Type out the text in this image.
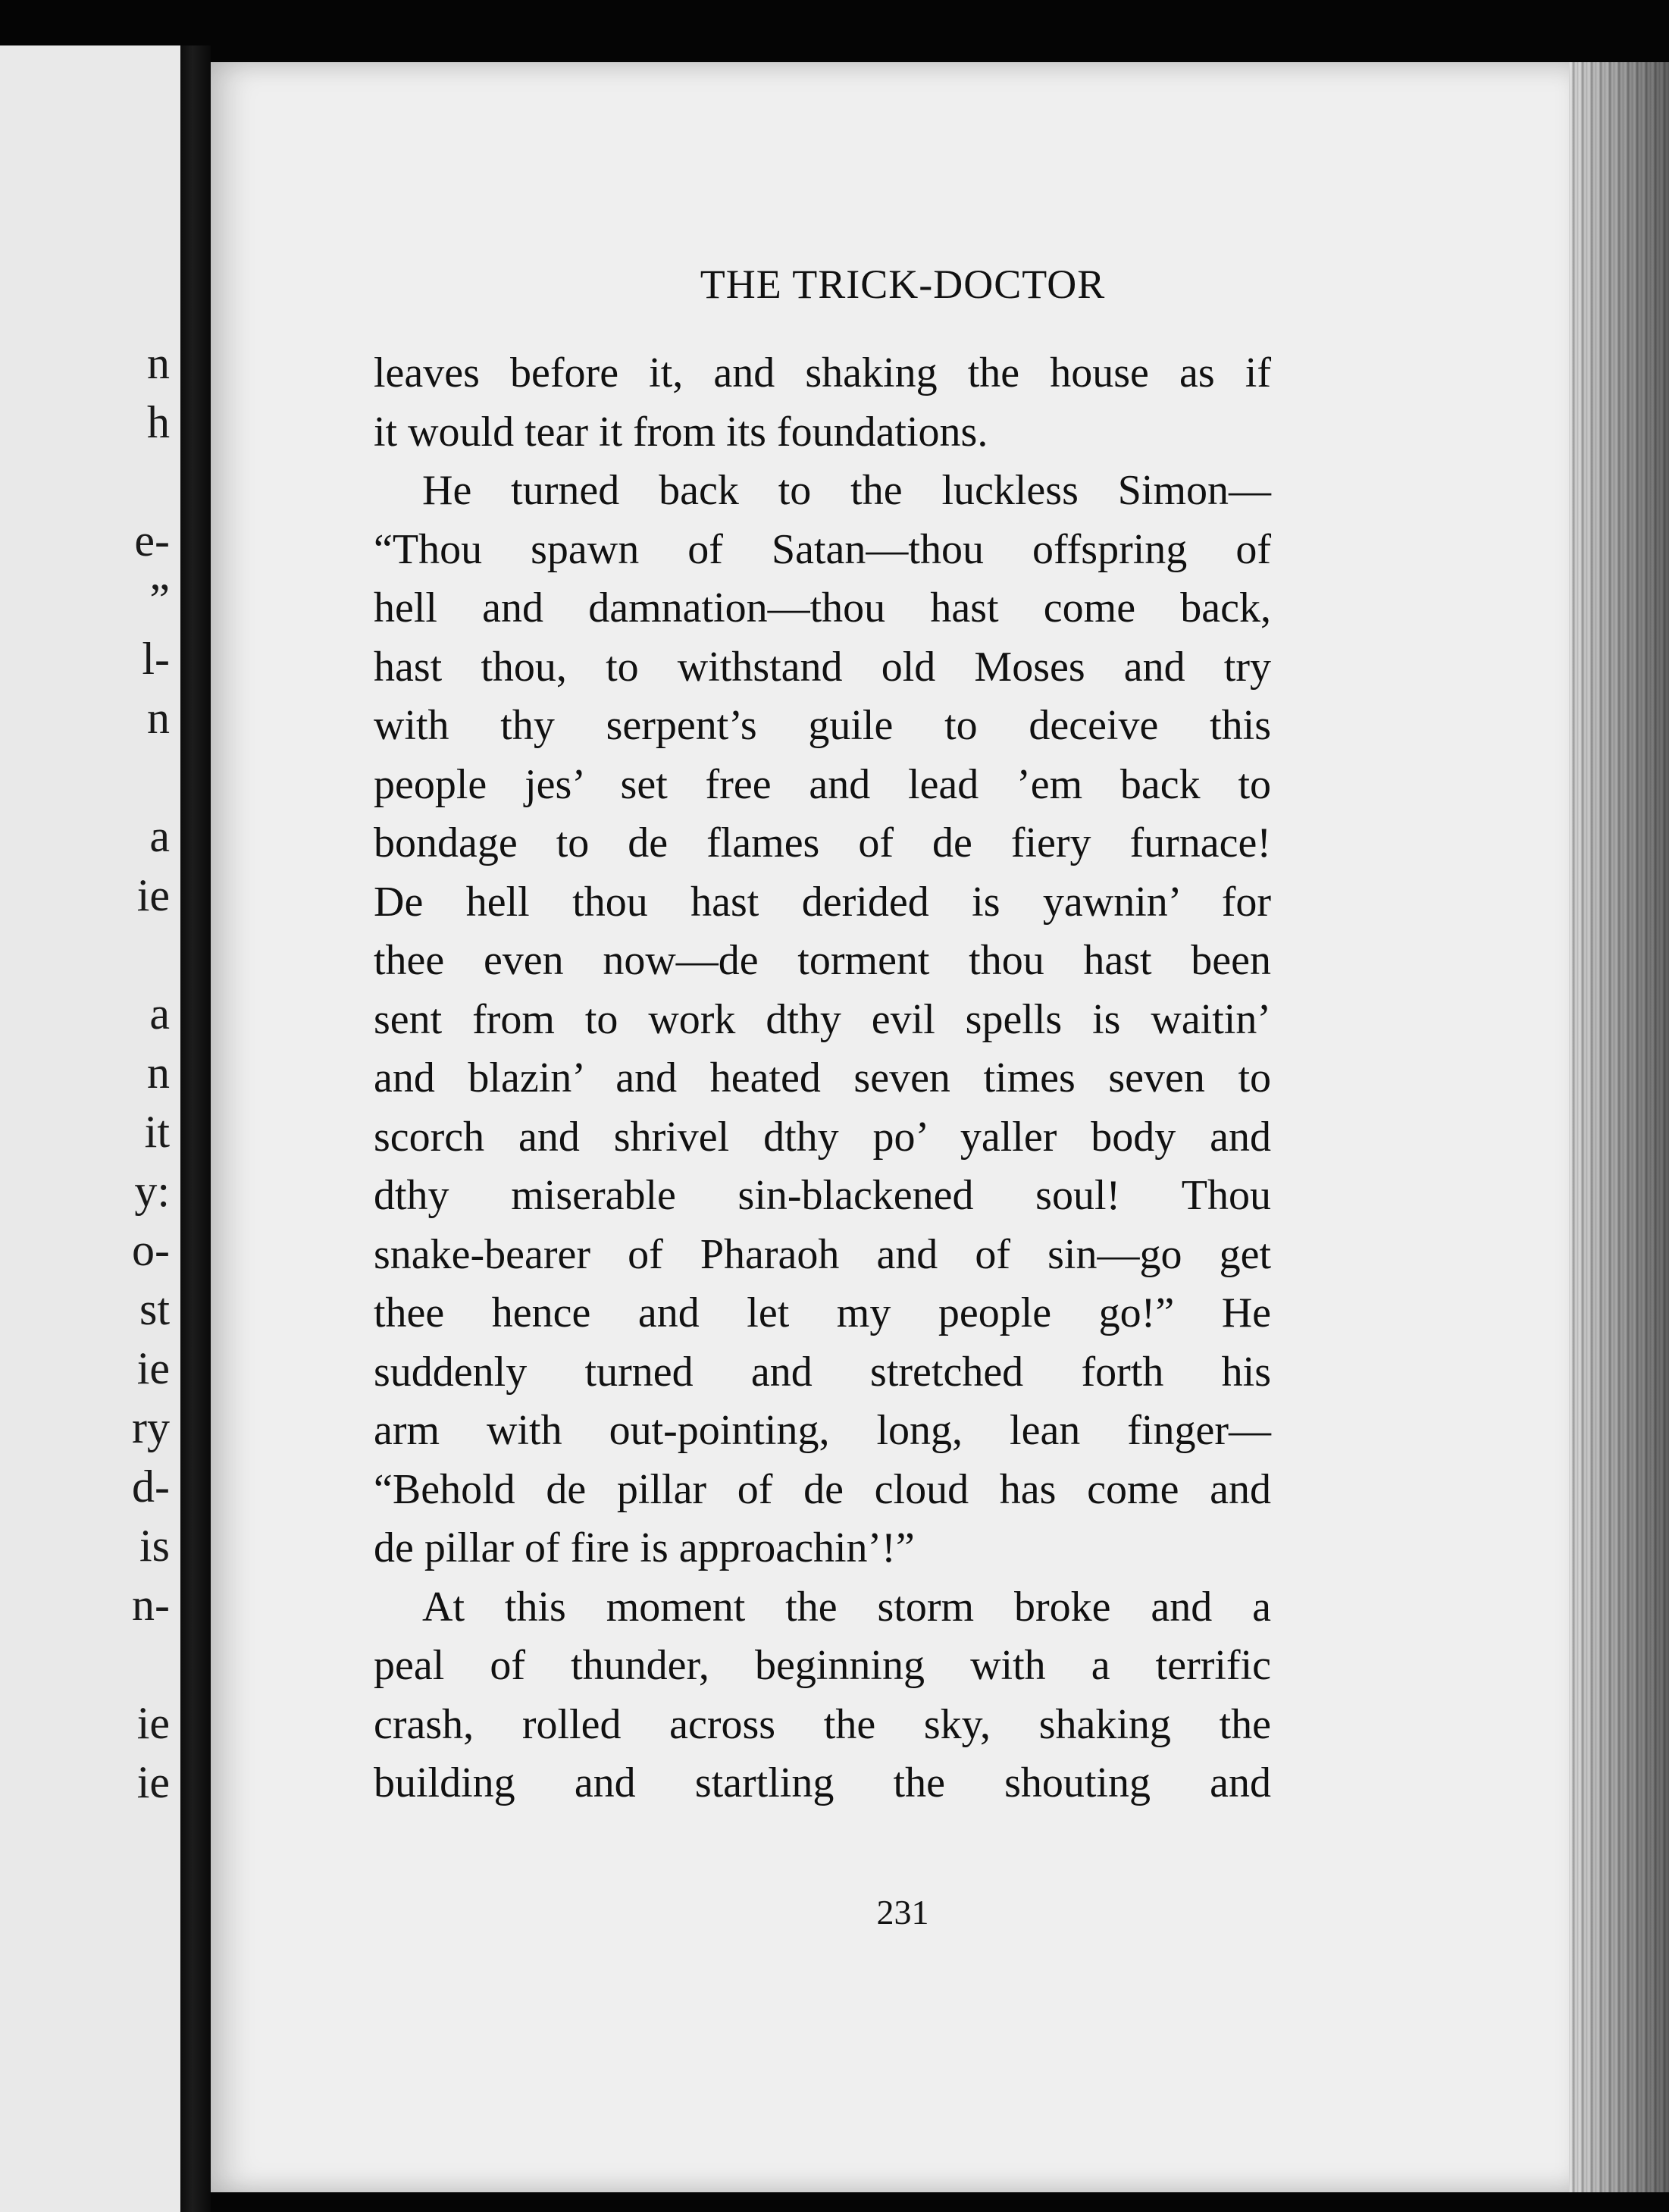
n
h
e-
”
l-
n
a
ie
a
n
it
y:
o-
st
ie
ry
d-
is
n-
ie
ie
THE TRICK-DOCTOR
leaves before it, and shaking the house as if
it would tear it from its foundations.
He turned back to the luckless Simon—
“Thou spawn of Satan—thou offspring of
hell and damnation—thou hast come back,
hast thou, to withstand old Moses and try
with thy serpent’s guile to deceive this
people jes’ set free and lead ’em back to
bondage to de flames of de fiery furnace!
De hell thou hast derided is yawnin’ for
thee even now—de torment thou hast been
sent from to work dthy evil spells is waitin’
and blazin’ and heated seven times seven to
scorch and shrivel dthy po’ yaller body and
dthy miserable sin-blackened soul! Thou
snake-bearer of Pharaoh and of sin—go get
thee hence and let my people go!” He
suddenly turned and stretched forth his
arm with out-pointing, long, lean finger—
“Behold de pillar of de cloud has come and
de pillar of fire is approachin’!”
At this moment the storm broke and a
peal of thunder, beginning with a terrific
crash, rolled across the sky, shaking the
building and startling the shouting and
231
